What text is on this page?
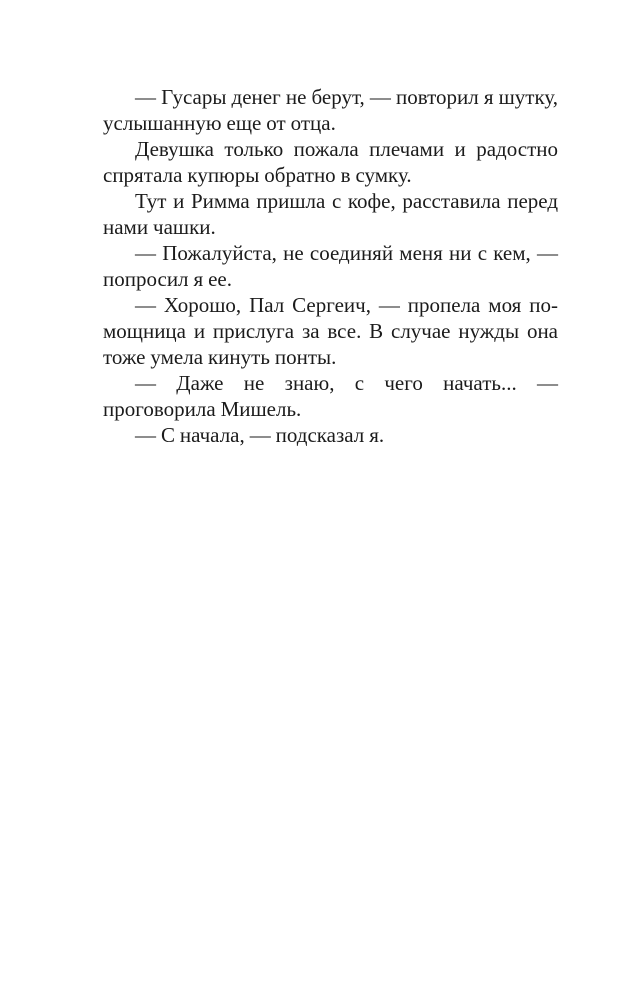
— Гусары денег не берут, — повторил я шутку, услышанную еще от отца.

Девушка только пожала плечами и радостно спрятала купюры обратно в сумку.

Тут и Римма пришла с кофе, расставила перед нами чашки.

— Пожалуйста, не соединяй меня ни с кем, — попросил я ее.

— Хорошо, Пал Сергеич, — пропела моя помощница и прислуга за все. В случае нужды она тоже умела кинуть понты.

— Даже не знаю, с чего начать... — проговорила Мишель.

— С начала, — подсказал я.
